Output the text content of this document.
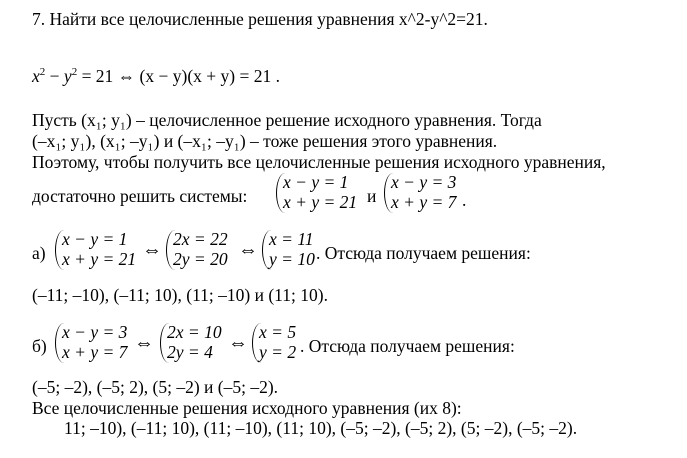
7. Найти все целочисленные решения уравнения x^2-y^2=21.
$x^2 - y^2 = 21$ ⇔ (x − y)(x + y) = 21 .
Пусть (x₁; y₁) – целочисленное решение исходного уравнения. Тогда
(–x₁; y₁), (x₁; –y₁) и (–x₁; –y₁) – тоже решения этого уравнения.
Поэтому, чтобы получить все целочисленные решения исходного уравнения,
достаточно решить системы:
x − y = 1
x + y = 21 и
x − y = 3
x + y = 7 .
а)
x − y = 1
x + y = 21 ⇔ 2x = 22
2y = 20 ⇔ x = 11
y = 10 . Отсюда получаем решения:
(–11; –10), (–11; 10), (11; –10) и (11; 10).
б)
x − y = 3
x + y = 7 ⇔ 2x = 10
2y = 4 ⇔ x = 5
y = 2 . Отсюда получаем решения:
(–5; –2), (–5; 2), (5; –2) и (–5; –2).
Все целочисленные решения исходного уравнения (их 8):
11; –10), (–11; 10), (11; –10), (11; 10), (–5; –2), (–5; 2), (5; –2), (–5; –2).
